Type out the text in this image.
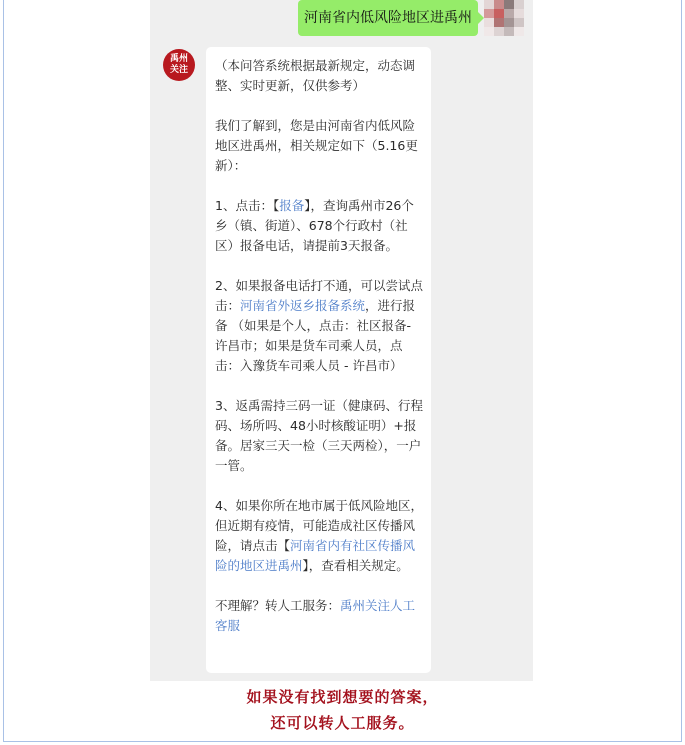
河南省内低风险地区进禹州
禹州
关注 （本问答系统根据最新规定，动态调整、实时更新，仅供参考）

我们了解到，您是由河南省内低风险地区进禹州，相关规定如下（5.16更新）：

1、点击：【报备】，查询禹州市26个乡（镇、街道）、678个行政村（社区）报备电话，请提前3天报备。

2、如果报备电话打不通，可以尝试点击：河南省外返乡报备系统，进行报备 （如果是个人，点击：社区报备-许昌市；如果是货车司乘人员，点击：入豫货车司乘人员 - 许昌市）

3、返禹需持三码一证（健康码、行程码、场所吗、48小时核酸证明）+报备。居家三天一检（三天两检），一户一管。

4、如果你所在地市属于低风险地区，但近期有疫情，可能造成社区传播风险，请点击【河南省内有社区传播风险的地区进禹州】，查看相关规定。

不理解？转人工服务：禹州关注人工客服

如果没有找到想要的答案，
还可以转人工服务。
